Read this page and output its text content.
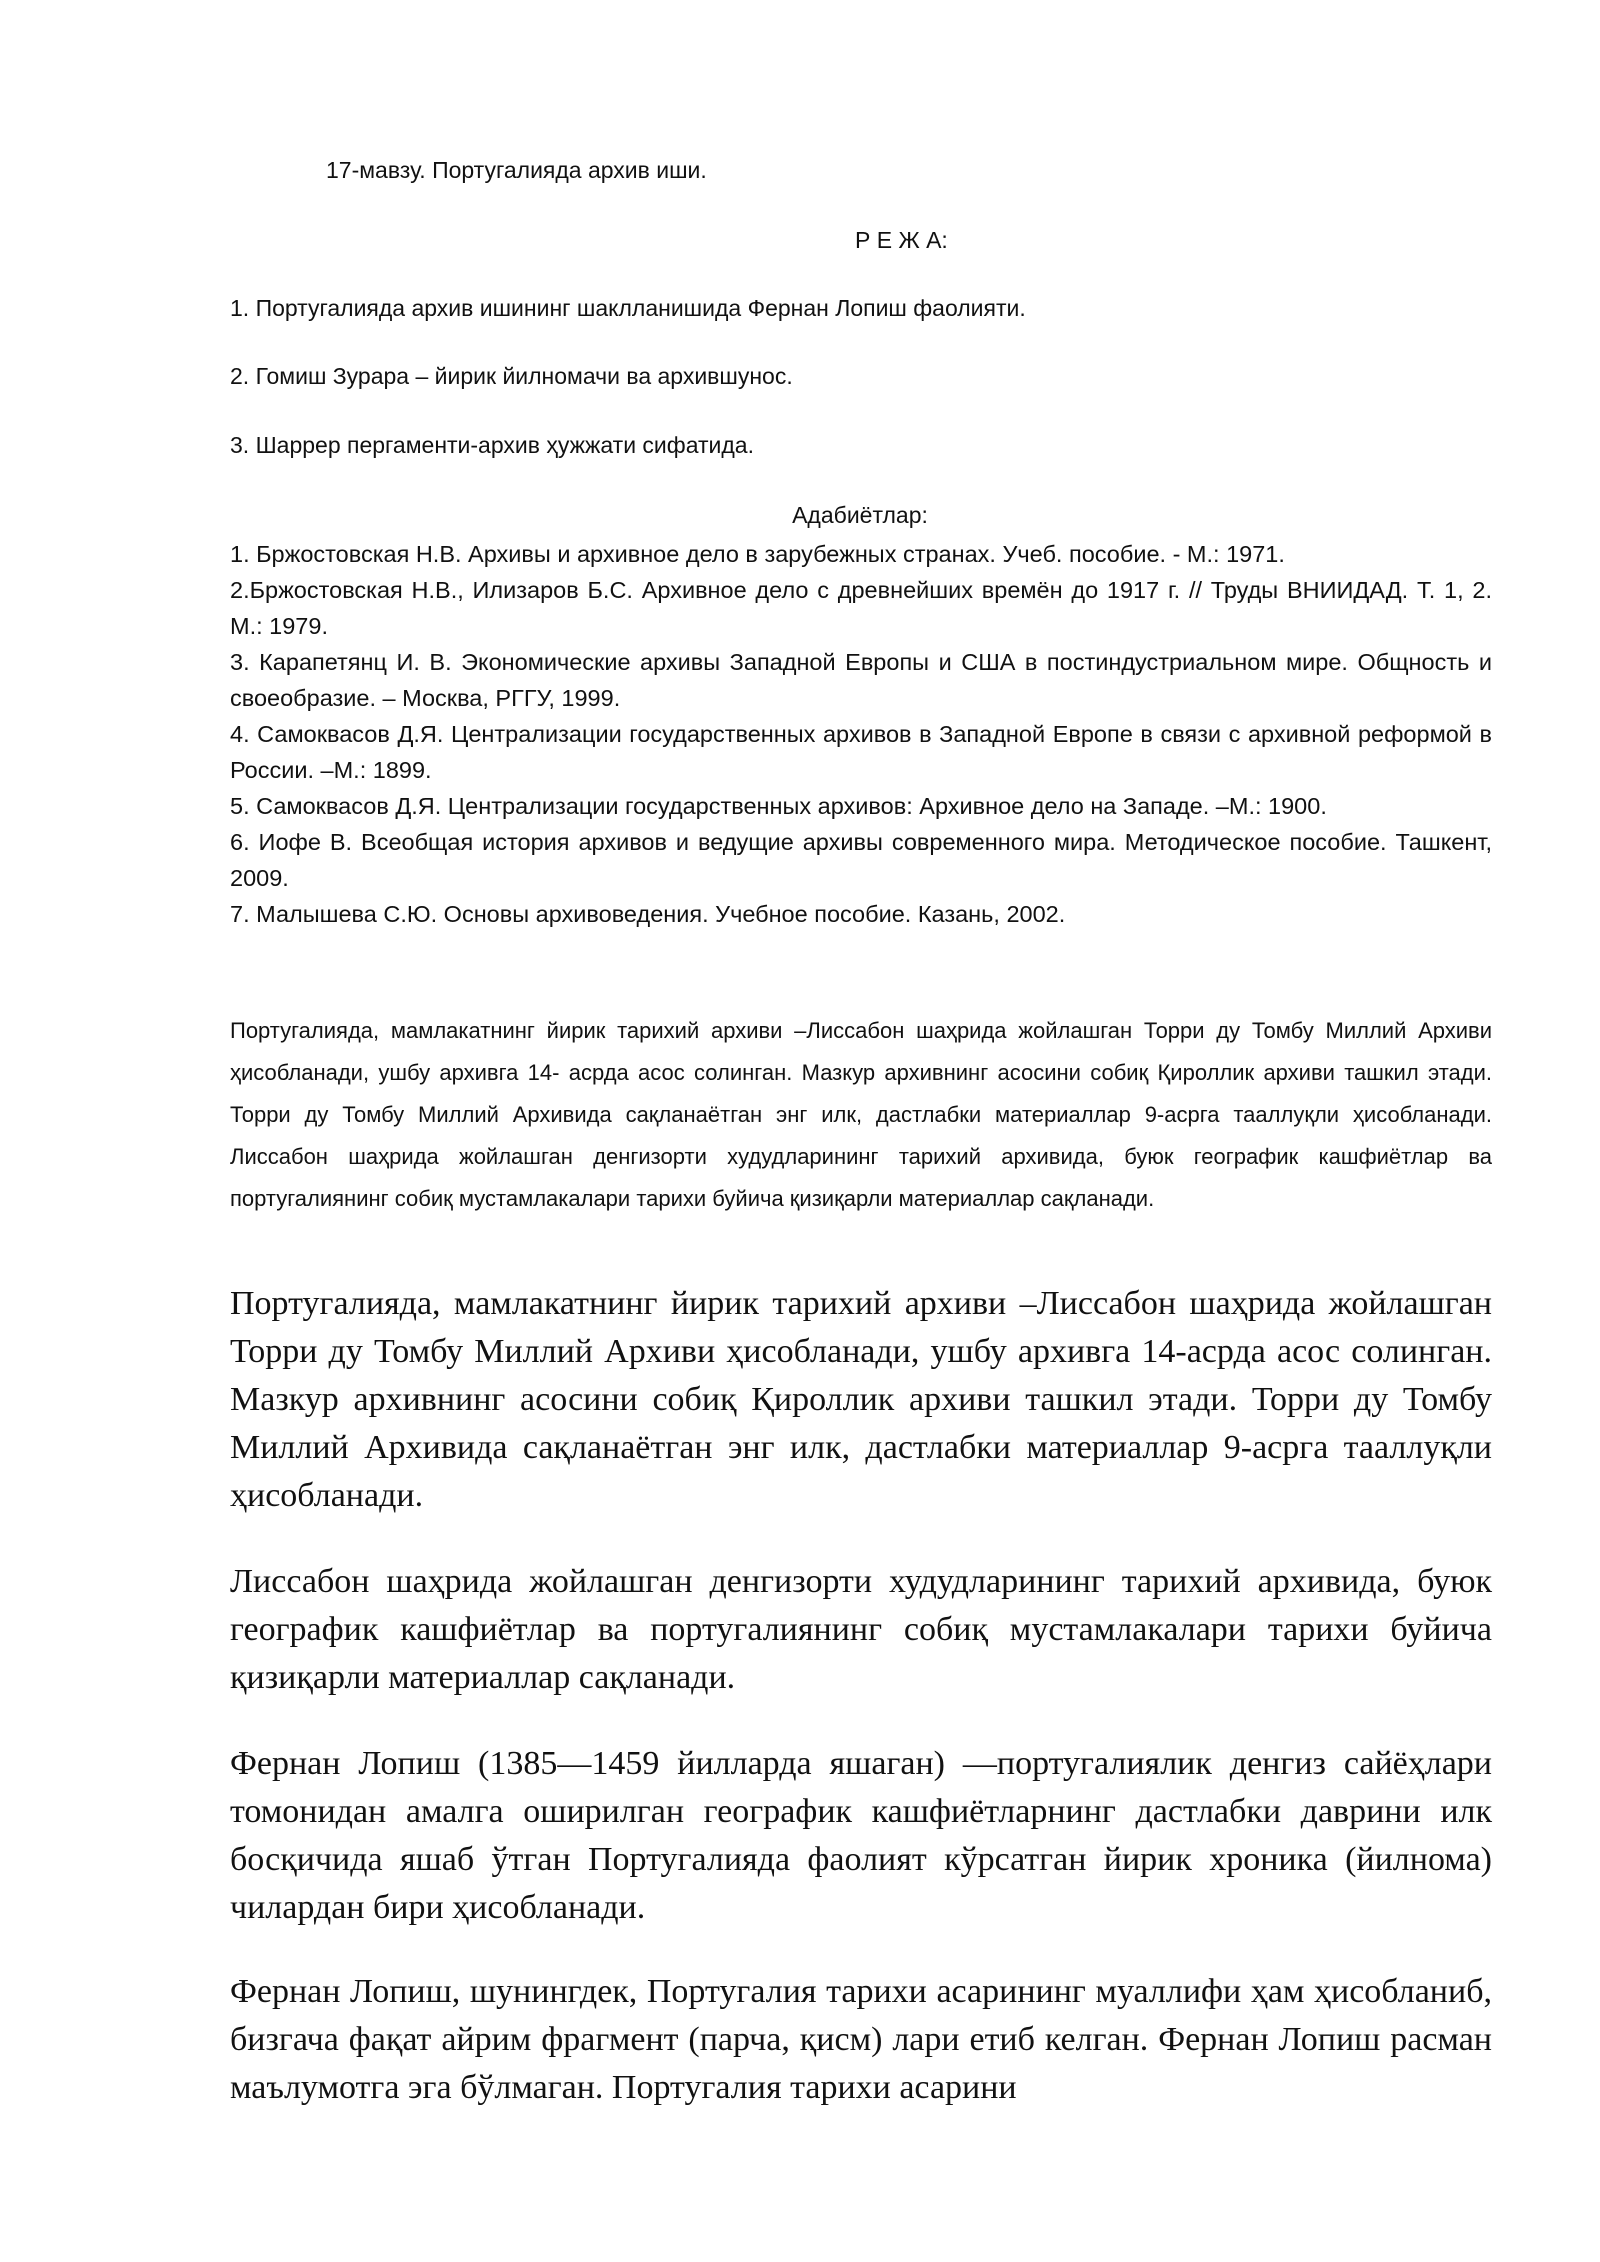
17-мавзу. Португалияда архив иши.

Р Е Ж А:

1. Португалияда архив ишининг шаклланишида Фернан Лопиш фаолияти.

2. Гомиш Зурара – йирик йилномачи ва архившунос.

3. Шаррер пергаменти-архив ҳужжати сифатида.

Адабиётлар:

1. Бржостовская Н.В. Архивы и архивное дело в зарубежных странах. Учеб. пособие. - М.: 1971.
2.Бржостовская Н.В., Илизаров Б.С. Архивное дело с древнейших времён до 1917 г. // Труды ВНИИДАД. Т. 1, 2. М.: 1979.
3. Карапетянц И. В. Экономические архивы Западной Европы и США в постиндустриальном мире. Общность и своеобразие. – Москва, РГГУ, 1999.
4. Самоквасов Д.Я. Централизации государственных архивов в Западной Европе в связи с архивной реформой в России. –М.: 1899.
5. Самоквасов Д.Я. Централизации государственных архивов: Архивное дело на Западе. –М.: 1900.
6. Иофе В. Всеобщая история архивов и ведущие архивы современного мира. Методическое пособие. Ташкент, 2009.
7. Малышева С.Ю. Основы архивоведения. Учебное пособие. Казань, 2002.

Португалияда, мамлакатнинг йирик тарихий архиви –Лиссабон шаҳрида жойлашган Торри ду Томбу Миллий Архиви ҳисобланади, ушбу архивга 14- асрда асос солинган. Мазкур архивнинг асосини собиқ Қироллик архиви ташкил этади. Торри ду Томбу Миллий Архивида сақланаётган энг илк, дастлабки материаллар 9-асрга тааллуқли ҳисобланади. Лиссабон шаҳрида жойлашган денгизорти худудларининг тарихий архивида, буюк географик кашфиётлар ва португалиянинг собиқ мустамлакалари тарихи буйича қизиқарли материаллар сақланади.

Португалияда, мамлакатнинг йирик тарихий архиви –Лиссабон шаҳрида жойлашган Торри ду Томбу Миллий Архиви ҳисобланади, ушбу архивга 14-асрда асос солинган. Мазкур архивнинг асосини собиқ Қироллик архиви ташкил этади. Торри ду Томбу Миллий Архивида сақланаётган энг илк, дастлабки материаллар 9-асрга тааллуқли ҳисобланади.

Лиссабон шаҳрида жойлашган денгизорти худудларининг тарихий архивида, буюк географик кашфиётлар ва португалиянинг собиқ мустамлакалари тарихи буйича қизиқарли материаллар сақланади.

Фернан Лопиш (1385—1459 йилларда яшаган) —португалиялик денгиз сайёҳлари томонидан амалга оширилган географик кашфиётларнинг дастлабки даврини илк босқичида яшаб ўтган Португалияда фаолият кўрсатган йирик хроника (йилнома) чилардан бири ҳисобланади.

Фернан Лопиш, шунингдек, Португалия тарихи асарининг муаллифи ҳам ҳисобланиб, бизгача фақат айрим фрагмент (парча, қисм) лари етиб келган. Фернан Лопиш расман маълумотга эга бўлмаган. Португалия тарихи асарини
